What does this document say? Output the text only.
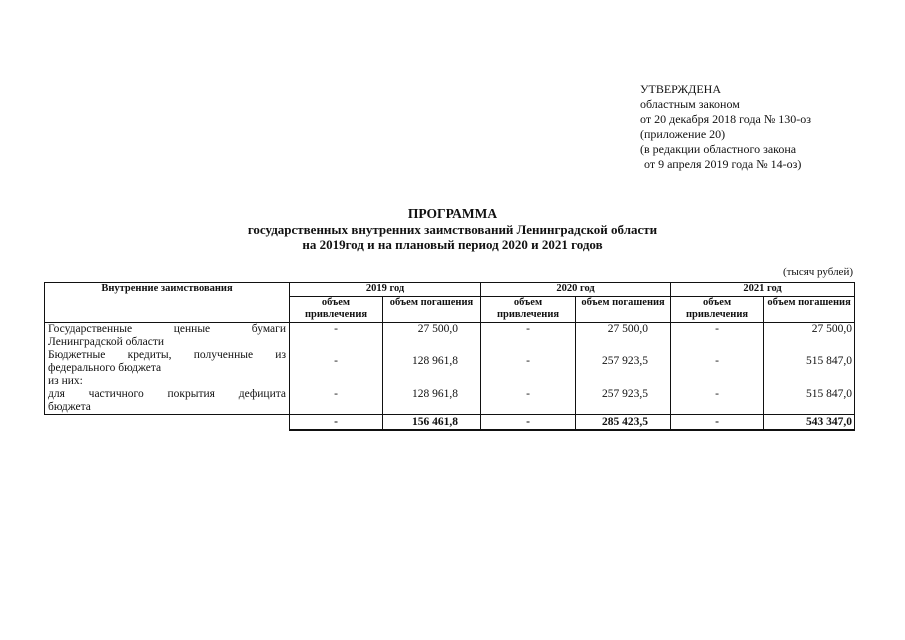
УТВЕРЖДЕНА
областным законом
от 20 декабря 2018 года № 130-оз
(приложение 20)
(в редакции областного закона
от 9 апреля 2019 года № 14-оз)
ПРОГРАММА
государственных внутренних заимствований Ленинградской области
на 2019год и на плановый период 2020 и 2021 годов
(тысяч рублей)
Внутренние заимствования	2019 год		2020 год		2021 год	
	объем привлечения	объем погашения	объем привлечения	объем погашения	объем привлечения	объем погашения
Государственные ценные бумаги
Ленинградской области	-	27 500,0	-	27 500,0	-	27 500,0
Бюджетные кредиты, полученные из
федерального бюджета	-	128 961,8	-	257 923,5	-	515 847,0
из них:						
для частичного покрытия дефицита
бюджета	-	128 961,8	-	257 923,5	-	515 847,0
	-	156 461,8	-	285 423,5	-	543 347,0
